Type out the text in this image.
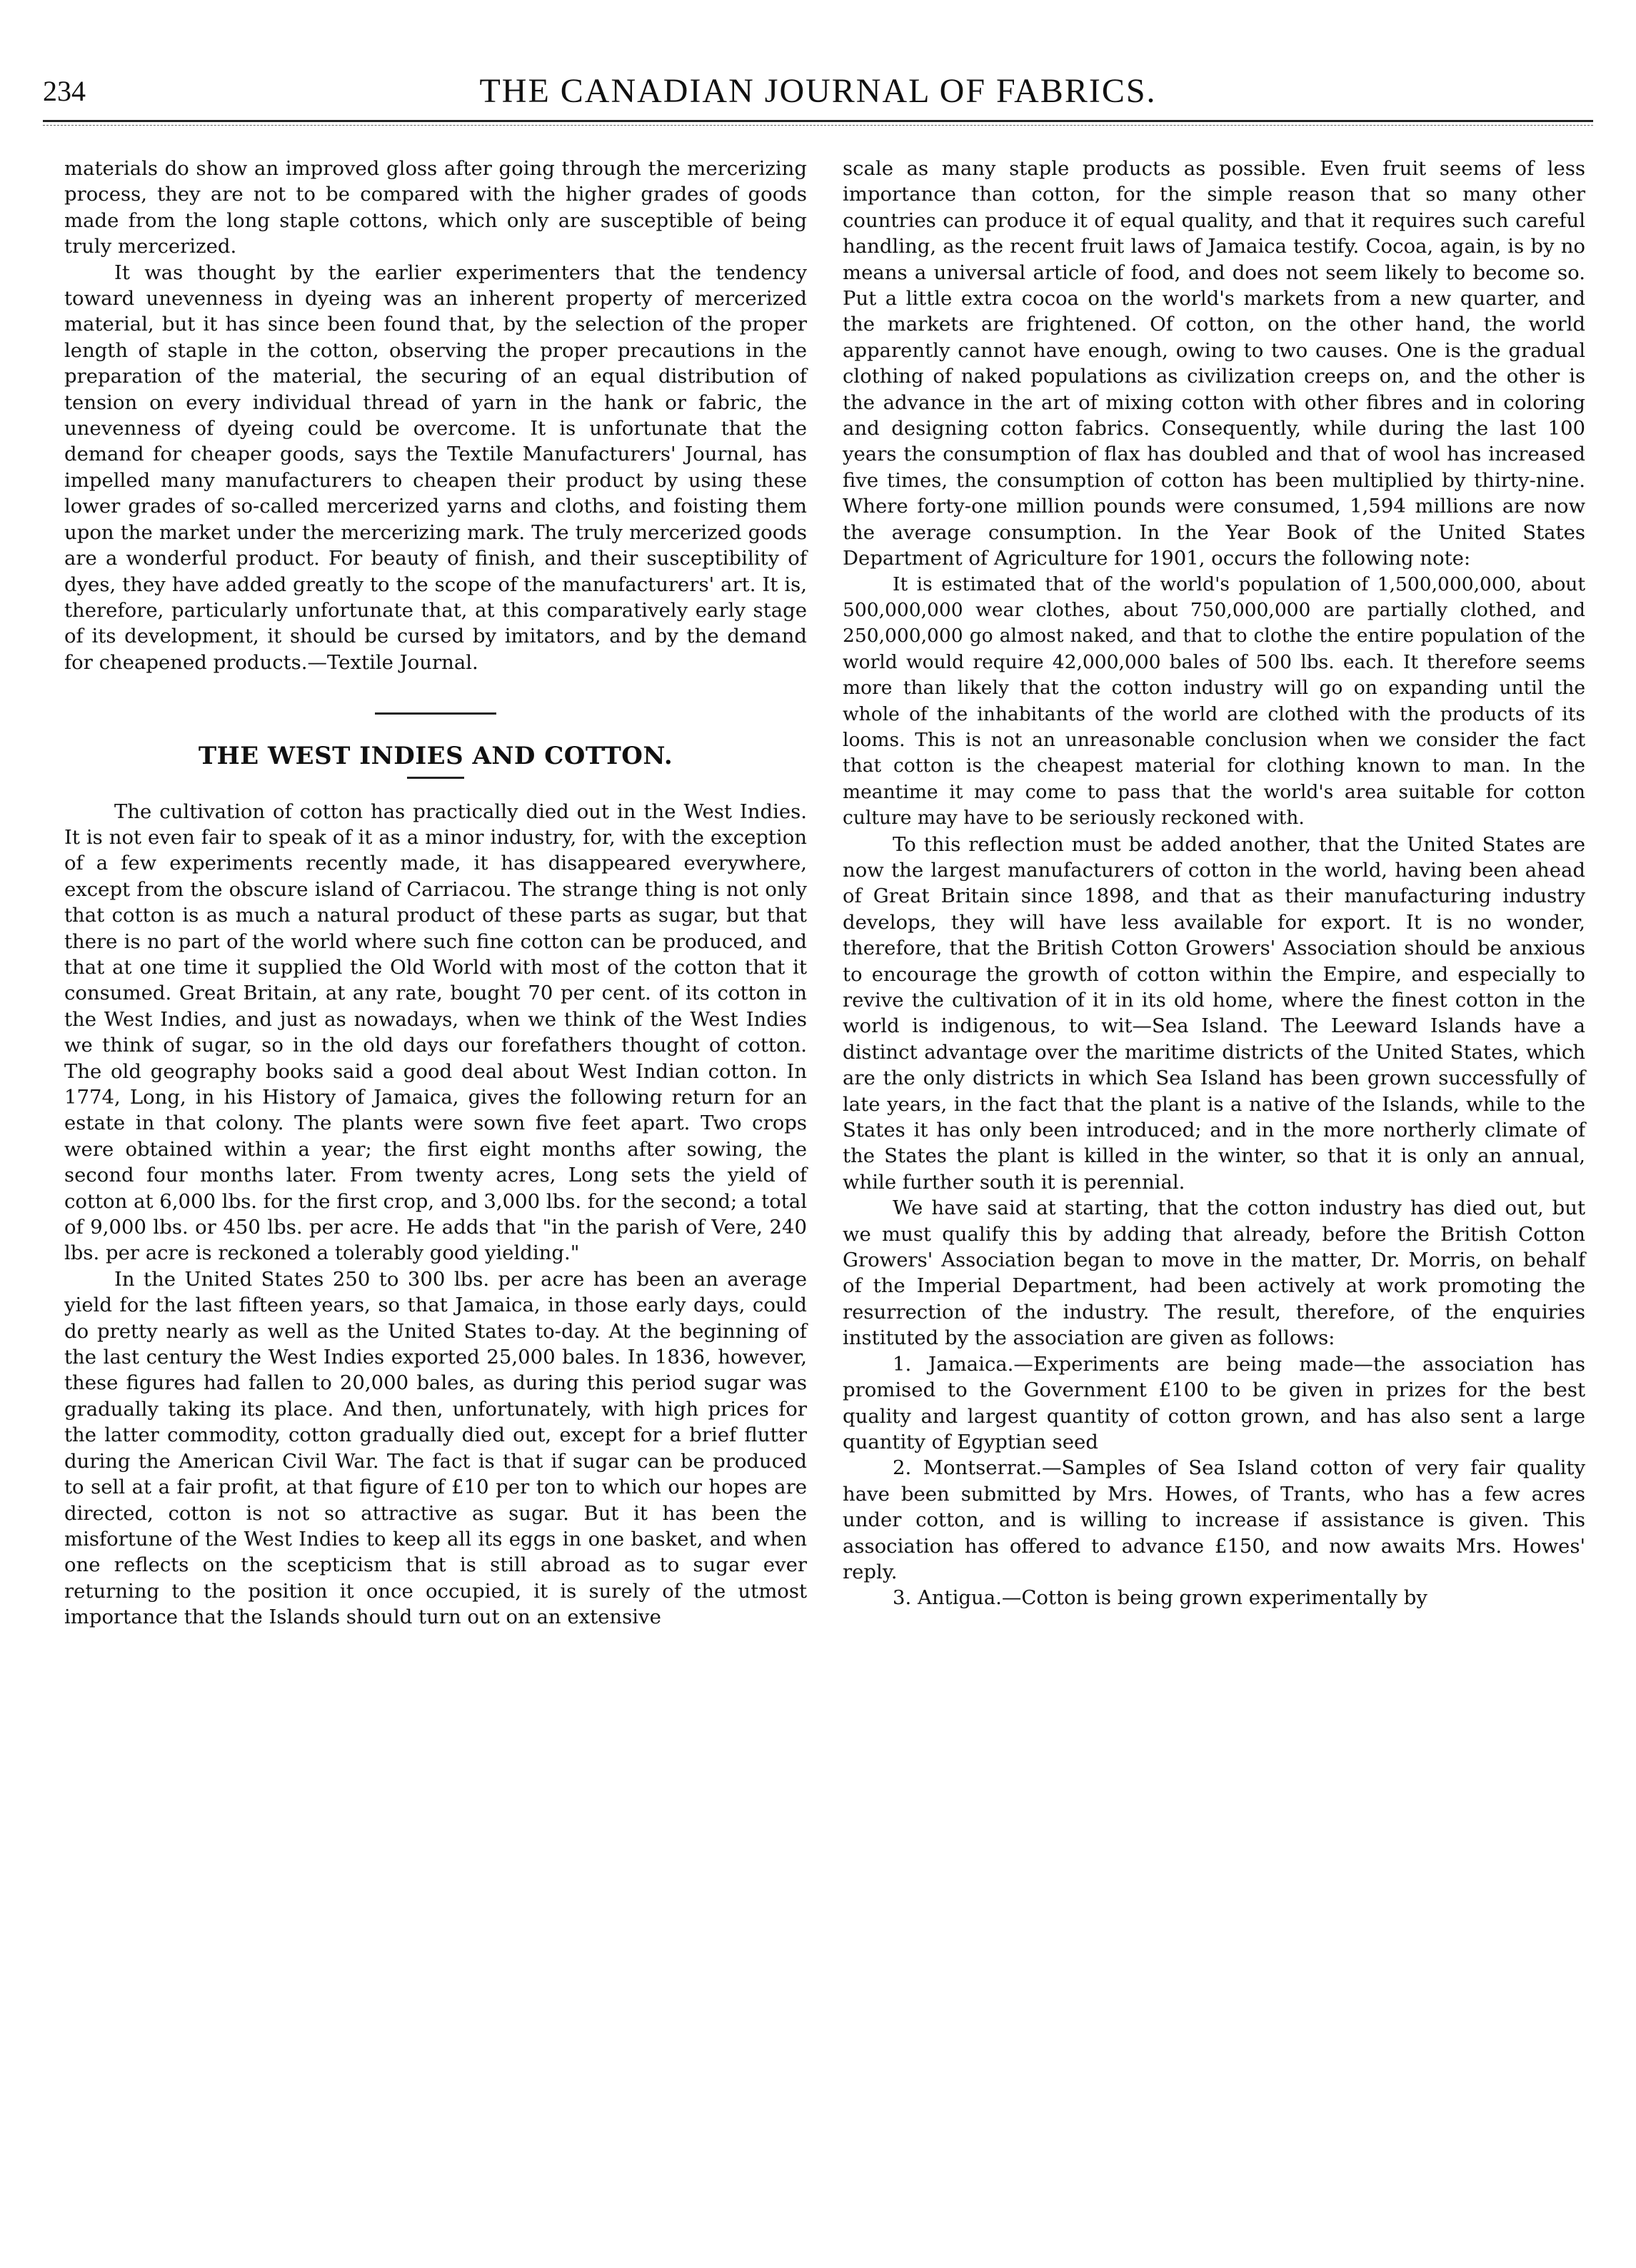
234	THE CANADIAN JOURNAL OF FABRICS.

materials do show an improved gloss after going through the mercerizing process, they are not to be compared with the higher grades of goods made from the long staple cottons, which only are susceptible of being truly mercerized.

It was thought by the earlier experimenters that the tendency toward unevenness in dyeing was an inherent property of mercerized material, but it has since been found that, by the selection of the proper length of staple in the cotton, observing the proper precautions in the preparation of the material, the securing of an equal distribution of tension on every individual thread of yarn in the hank or fabric, the unevenness of dyeing could be overcome. It is unfortunate that the demand for cheaper goods, says the Textile Manufacturers' Journal, has impelled many manufacturers to cheapen their product by using these lower grades of so-called mercerized yarns and cloths, and foisting them upon the market under the mercerizing mark. The truly mercerized goods are a wonderful product. For beauty of finish, and their susceptibility of dyes, they have added greatly to the scope of the manufacturers' art. It is, therefore, particularly unfortunate that, at this comparatively early stage of its development, it should be cursed by imitators, and by the demand for cheapened products.—Textile Journal.

THE WEST INDIES AND COTTON.

The cultivation of cotton has practically died out in the West Indies. It is not even fair to speak of it as a minor industry, for, with the exception of a few experiments recently made, it has disappeared everywhere, except from the obscure island of Carriacou. The strange thing is not only that cotton is as much a natural product of these parts as sugar, but that there is no part of the world where such fine cotton can be produced, and that at one time it supplied the Old World with most of the cotton that it consumed. Great Britain, at any rate, bought 70 per cent. of its cotton in the West Indies, and just as nowadays, when we think of the West Indies we think of sugar, so in the old days our forefathers thought of cotton. The old geography books said a good deal about West Indian cotton. In 1774, Long, in his History of Jamaica, gives the following return for an estate in that colony. The plants were sown five feet apart. Two crops were obtained within a year; the first eight months after sowing, the second four months later. From twenty acres, Long sets the yield of cotton at 6,000 lbs. for the first crop, and 3,000 lbs. for the second; a total of 9,000 lbs. or 450 lbs. per acre. He adds that "in the parish of Vere, 240 lbs. per acre is reckoned a tolerably good yielding."

In the United States 250 to 300 lbs. per acre has been an average yield for the last fifteen years, so that Jamaica, in those early days, could do pretty nearly as well as the United States to-day. At the beginning of the last century the West Indies exported 25,000 bales. In 1836, however, these figures had fallen to 20,000 bales, as during this period sugar was gradually taking its place. And then, unfortunately, with high prices for the latter commodity, cotton gradually died out, except for a brief flutter during the American Civil War. The fact is that if sugar can be produced to sell at a fair profit, at that figure of £10 per ton to which our hopes are directed, cotton is not so attractive as sugar. But it has been the misfortune of the West Indies to keep all its eggs in one basket, and when one reflects on the scepticism that is still abroad as to sugar ever returning to the position it once occupied, it is surely of the utmost importance that the Islands should turn out on an extensive

scale as many staple products as possible. Even fruit seems of less importance than cotton, for the simple reason that so many other countries can produce it of equal quality, and that it requires such careful handling, as the recent fruit laws of Jamaica testify. Cocoa, again, is by no means a universal article of food, and does not seem likely to become so. Put a little extra cocoa on the world's markets from a new quarter, and the markets are frightened. Of cotton, on the other hand, the world apparently cannot have enough, owing to two causes. One is the gradual clothing of naked populations as civilization creeps on, and the other is the advance in the art of mixing cotton with other fibres and in coloring and designing cotton fabrics. Consequently, while during the last 100 years the consumption of flax has doubled and that of wool has increased five times, the consumption of cotton has been multiplied by thirty-nine. Where forty-one million pounds were consumed, 1,594 millions are now the average consumption. In the Year Book of the United States Department of Agriculture for 1901, occurs the following note:

It is estimated that of the world's population of 1,500,000,000, about 500,000,000 wear clothes, about 750,000,000 are partially clothed, and 250,000,000 go almost naked, and that to clothe the entire population of the world would require 42,000,000 bales of 500 lbs. each. It therefore seems more than likely that the cotton industry will go on expanding until the whole of the inhabitants of the world are clothed with the products of its looms. This is not an unreasonable conclusion when we consider the fact that cotton is the cheapest material for clothing known to man. In the meantime it may come to pass that the world's area suitable for cotton culture may have to be seriously reckoned with.

To this reflection must be added another, that the United States are now the largest manufacturers of cotton in the world, having been ahead of Great Britain since 1898, and that as their manufacturing industry develops, they will have less available for export. It is no wonder, therefore, that the British Cotton Growers' Association should be anxious to encourage the growth of cotton within the Empire, and especially to revive the cultivation of it in its old home, where the finest cotton in the world is indigenous, to wit—Sea Island. The Leeward Islands have a distinct advantage over the maritime districts of the United States, which are the only districts in which Sea Island has been grown successfully of late years, in the fact that the plant is a native of the Islands, while to the States it has only been introduced; and in the more northerly climate of the States the plant is killed in the winter, so that it is only an annual, while further south it is perennial.

We have said at starting, that the cotton industry has died out, but we must qualify this by adding that already, before the British Cotton Growers' Association began to move in the matter, Dr. Morris, on behalf of the Imperial Department, had been actively at work promoting the resurrection of the industry. The result, therefore, of the enquiries instituted by the association are given as follows:

1. Jamaica.—Experiments are being made—the association has promised to the Government £100 to be given in prizes for the best quality and largest quantity of cotton grown, and has also sent a large quantity of Egyptian seed

2. Montserrat.—Samples of Sea Island cotton of very fair quality have been submitted by Mrs. Howes, of Trants, who has a few acres under cotton, and is willing to increase if assistance is given. This association has offered to advance £150, and now awaits Mrs. Howes' reply.

3. Antigua.—Cotton is being grown experimentally by
